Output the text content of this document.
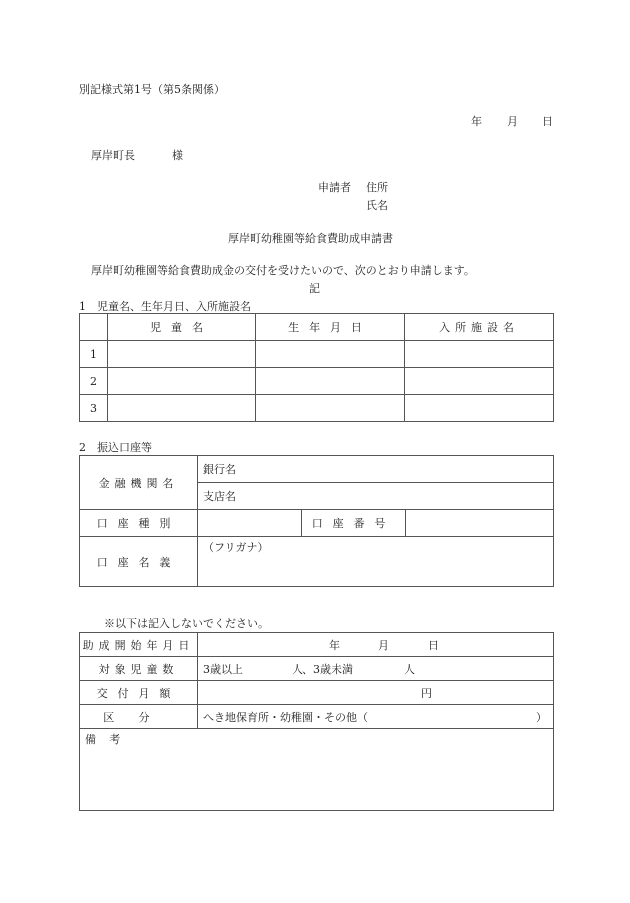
別記様式第1号（第5条関係）
年 月 日
厚岸町長	様
申請者 住所
氏名
厚岸町幼稚園等給食費助成申請書
厚岸町幼稚園等給食費助成金の交付を受けたいので、次のとおり申請します。
記
1　児童名、生年月日、入所施設名
	児童名	生年月日	入所施設名
1			
2			
3			
2　振込口座等
金融機関名	銀行名		
	支店名		
口座種別		口座番号	
口座名義	（フリガナ）		
※以下は記入しないでください。
助成開始年月日	年 月 日

対象児童数	3歳以上 人 、3歳未満 人

交付月額	円

区分	へき地保育所・幼稚園・その他（ ）

備考	
